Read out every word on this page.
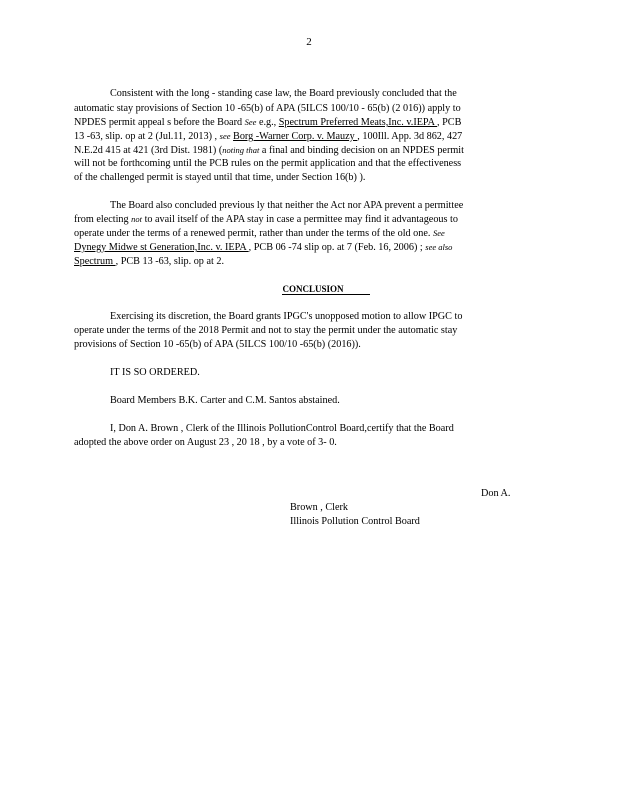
2
Consistent with the long - standing case law, the Board previously concluded that the
automatic stay provisions of Section 10 -65(b) of APA (5ILCS 100/10 - 65(b) (2 016)) apply to
NPDES permit appeal s before the Board See e.g., Spectrum Preferred Meats,Inc. v.IEPA , PCB
13 -63, slip. op at 2 (Jul.11, 2013) , see Borg -Warner Corp. v. Mauzy , 100Ill. App. 3d 862, 427
N.E.2d 415 at 421 (3rd Dist. 1981) (noting that a final and binding decision on an NPDES permit
will not be forthcoming until the PCB rules on the permit application and that the effectiveness
of the challenged permit is stayed until that time, under Section 16(b) ).
The Board also concluded previous ly that neither the Act nor APA prevent a permittee
from electing not to avail itself of the APA stay in case a permittee may find it advantageous to
operate under the terms of a renewed permit, rather than under the terms of the old one. See
Dynegy Midwe st Generation,Inc. v. IEPA , PCB 06 -74 slip op. at 7 (Feb. 16, 2006) ; see also
Spectrum , PCB 13 -63, slip. op at 2.
CONCLUSION
Exercising its discretion, the Board grants IPGC's unopposed motion to allow IPGC to
operate under the terms of the 2018 Permit and not to stay the permit under the automatic stay
provisions of Section 10 -65(b) of APA (5ILCS 100/10 -65(b) (2016)).
IT IS SO ORDERED.
Board Members B.K. Carter and C.M. Santos abstained.
I, Don A. Brown , Clerk of the Illinois PollutionControl Board,certify that the Board
adopted the above order on August 23 , 20 18 , by a vote of 3- 0.
Don A.
Brown , Clerk
Illinois Pollution Control Board
